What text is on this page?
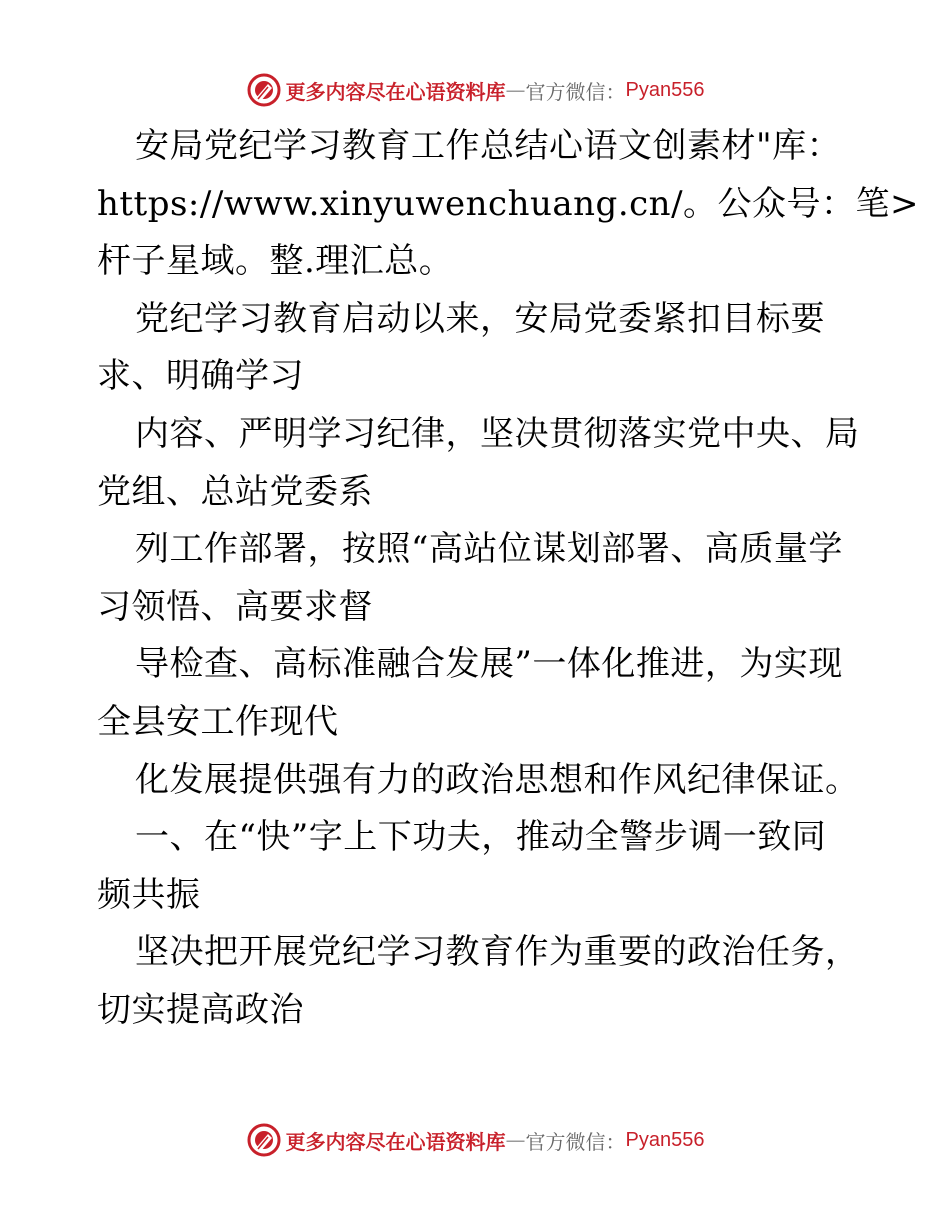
更多内容尽在心语资料库 — 官方微信： Pyan556
安局党纪学习教育工作总结心语文创素材"库：
https://www.xinyuwenchuang.cn/。公众号：笔>
杆子星域。整.理汇总。
党纪学习教育启动以来，安局党委紧扣目标要
求、明确学习
内容、严明学习纪律，坚决贯彻落实党中央、局
党组、总站党委系
列工作部署，按照“高站位谋划部署、高质量学
习领悟、高要求督
导检查、高标准融合发展”一体化推进，为实现
全县安工作现代
化发展提供强有力的政治思想和作风纪律保证。
一、在“快”字上下功夫，推动全警步调一致同
频共振
坚决把开展党纪学习教育作为重要的政治任务，
切实提高政治
更多内容尽在心语资料库 — 官方微信： Pyan556
